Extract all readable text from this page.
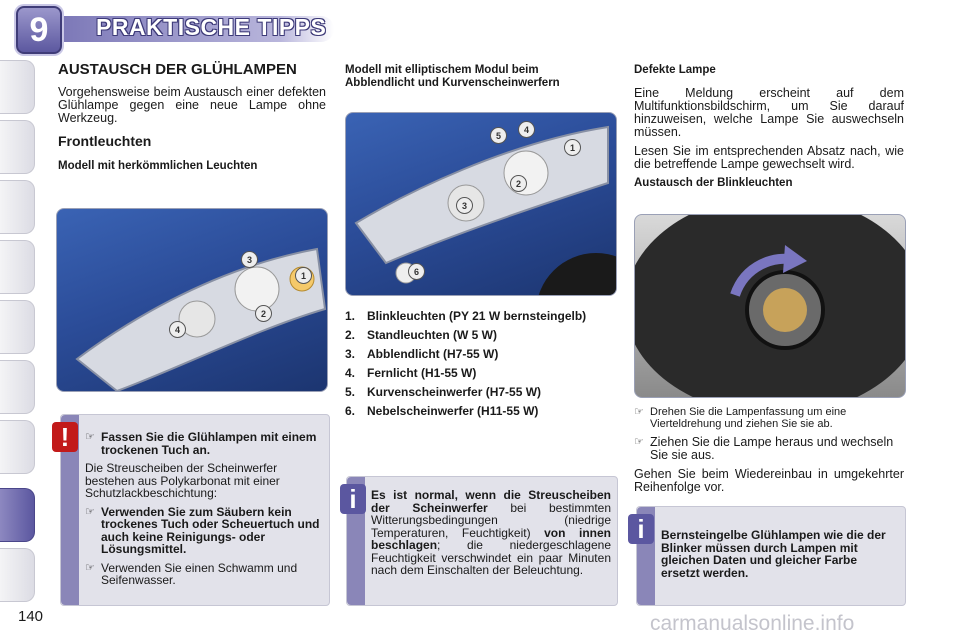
9	PRAKTISCHE TIPPS
AUSTAUSCH DER GLÜHLAMPEN

Vorgehensweise beim Austausch einer defekten Glühlampe gegen eine neue Lampe ohne Werkzeug.

Frontleuchten
Modell mit herkömmlichen Leuchten
3
1
2
4
☞ Fassen Sie die Glühlampen mit einem trockenen Tuch an.

Die Streuscheiben der Scheinwerfer bestehen aus Polykarbonat mit einer Schutzlackbeschichtung:

☞ Verwenden Sie zum Säubern kein trockenes Tuch oder Scheuertuch und auch keine Reinigungs- oder Lösungsmittel.
☞ Verwenden Sie einen Schwamm und Seifenwasser.
!
Modell mit elliptischem Modul beim Abblendlicht und Kurvenscheinwerfern
5
4
1
2
3
6
1. Blinkleuchten (PY 21 W bernsteingelb)
2. Standleuchten (W 5 W)
3. Abblendlicht (H7-55 W)
4. Fernlicht (H1-55 W)
5. Kurvenscheinwerfer (H7-55 W)
6. Nebelscheinwerfer (H11-55 W)
Es ist normal, wenn die Streuscheiben der Scheinwerfer bei bestimmten Witterungsbedingungen (niedrige Temperaturen, Feuchtigkeit) von innen beschlagen; die niedergeschlagene Feuchtigkeit verschwindet ein paar Minuten nach dem Einschalten der Beleuchtung.
i
Defekte Lampe

Eine Meldung erscheint auf dem Multifunktionsbildschirm, um Sie darauf hinzuweisen, welche Lampe Sie auswechseln müssen.

Lesen Sie im entsprechenden Absatz nach, wie die betreffende Lampe gewechselt wird.

Austausch der Blinkleuchten
☞ Drehen Sie die Lampenfassung um eine Vierteldrehung und ziehen Sie sie ab.
☞ Ziehen Sie die Lampe heraus und wechseln Sie sie aus.

Gehen Sie beim Wiedereinbau in umgekehrter Reihenfolge vor.

Bernsteingelbe Glühlampen wie die der Blinker müssen durch Lampen mit gleichen Daten und gleicher Farbe ersetzt werden.
i
140	carmanualsonline.info
